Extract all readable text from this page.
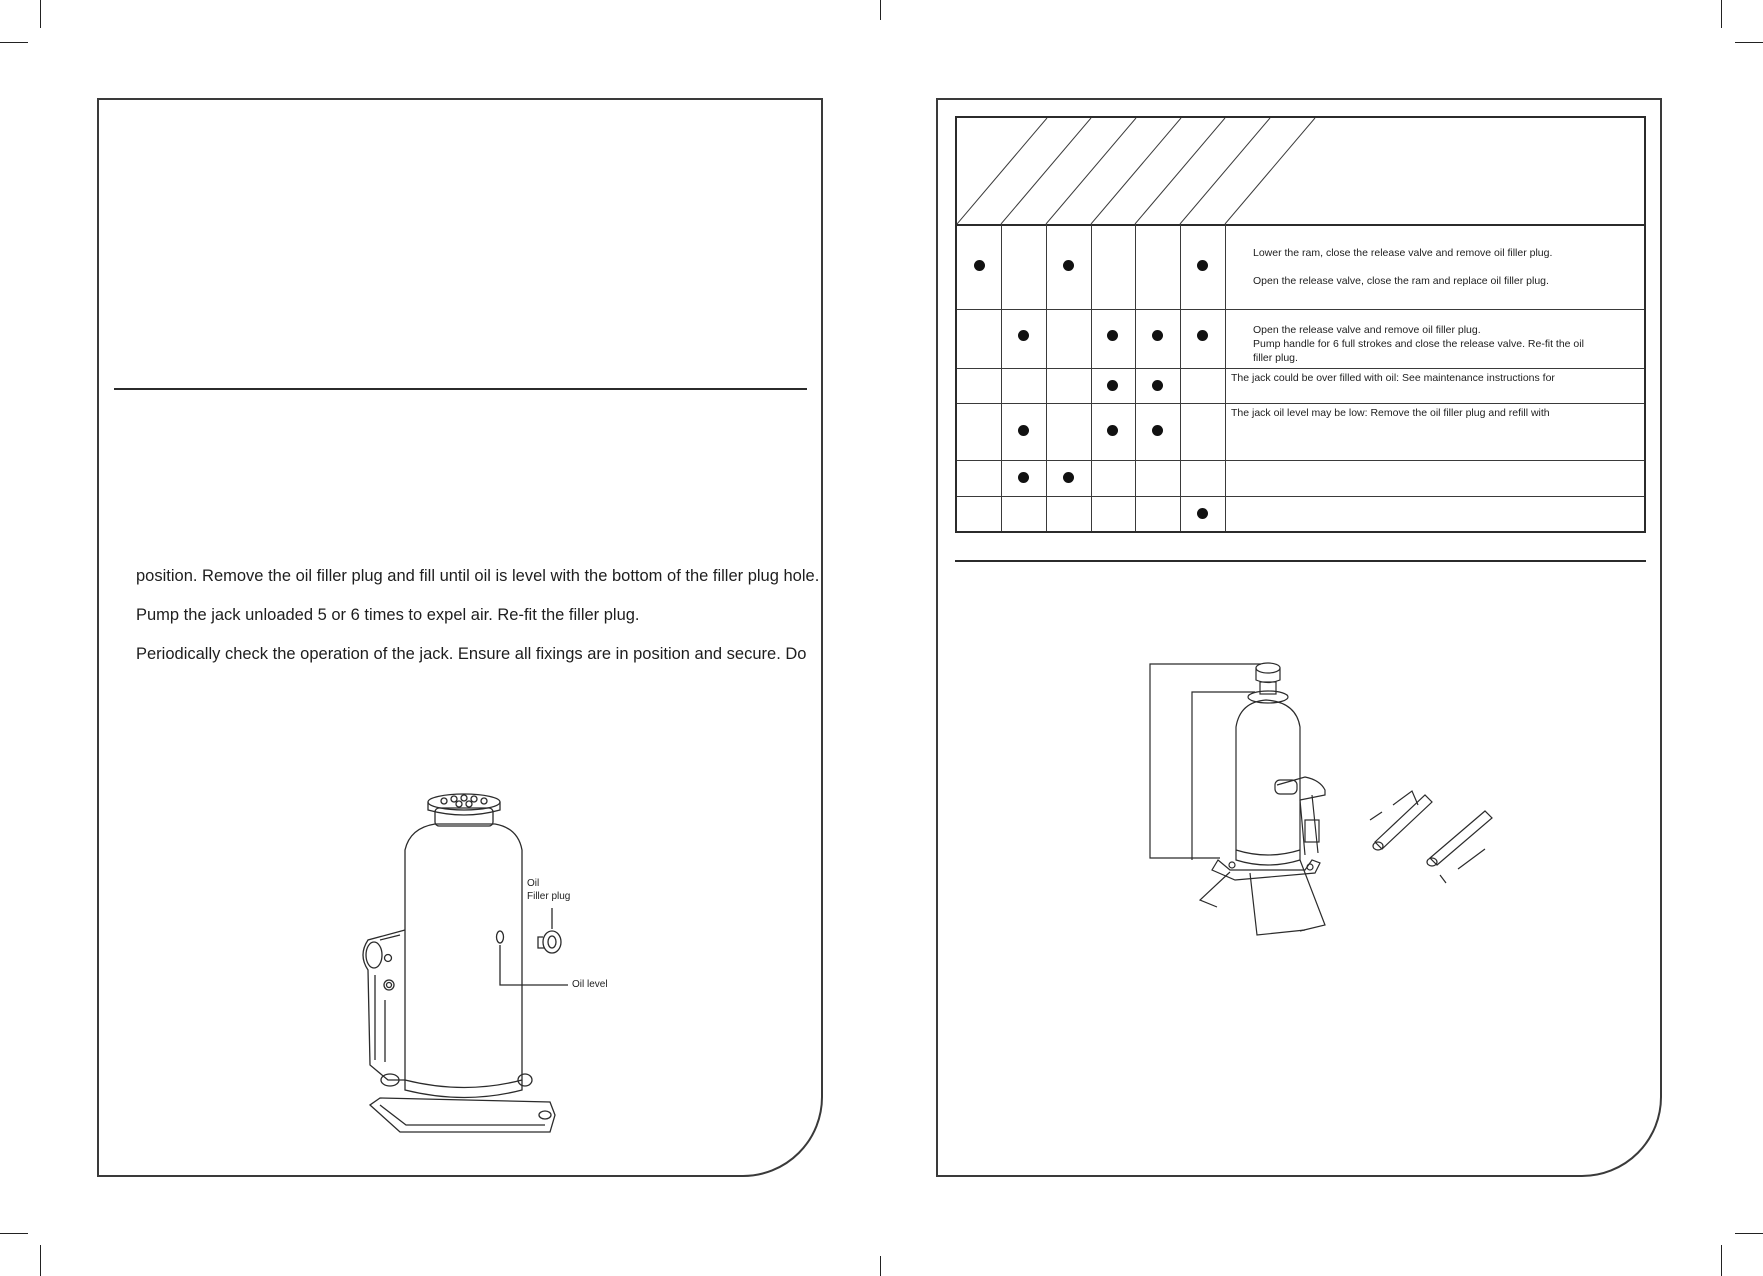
position. Remove the oil filler plug and fill until oil is level with the bottom of the filler plug hole.
Pump the jack unloaded 5 or 6 times to expel air. Re-fit the filler plug.
Periodically check the operation of the jack. Ensure all fixings are in position and secure. Do
Oil
Filler plug
Oil level
Lower the ram, close the release valve and remove oil filler plug.
Open the release valve, close the ram and replace oil filler plug.
Open the release valve and remove oil filler plug.
Pump handle for 6 full strokes and close the release valve. Re-fit the oil
filler plug.
The jack could be over filled with oil: See maintenance instructions for
The jack oil level may be low: Remove the oil filler plug and refill with
